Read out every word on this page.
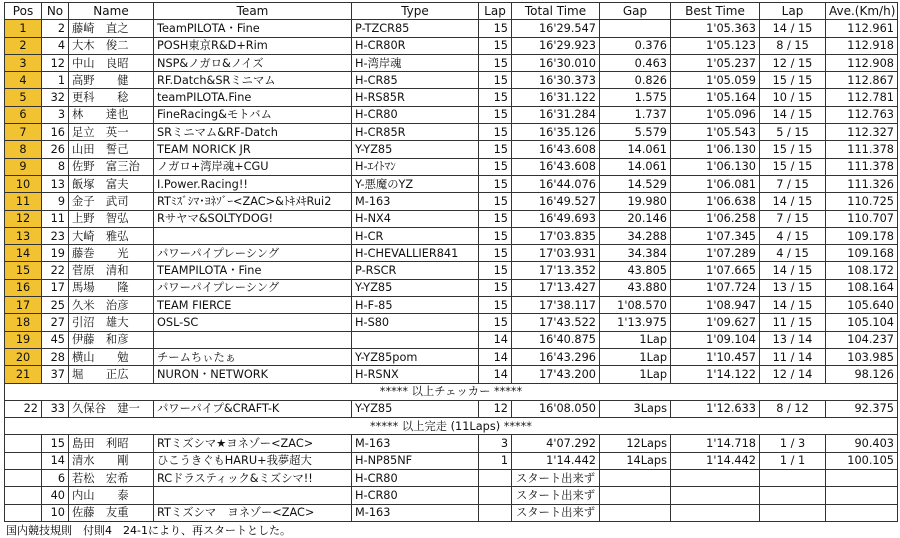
Pos	No	Name	Team	Type	Lap	Total Time	Gap	Best Time	Lap	Ave.(Km/h)
1	2	藤崎　直之	TeamPILOTA・Fine	P-TZCR85	15	16'29.547		1'05.363	14 / 15	112.961
2	4	大木　俊二	POSH東京R&D+Rim	H-CR80R	15	16'29.923	0.376	1'05.123	8 / 15	112.918
3	12	中山　良昭	NSP&ノガロ&ノイズ	H-湾岸魂	15	16'30.010	0.463	1'05.237	12 / 15	112.908
4	1	高野　　健	RF.Datch&SRミニマム	H-CR85	15	16'30.373	0.826	1'05.059	15 / 15	112.867
5	32	更科　　稔	teamPILOTA.Fine	H-RS85R	15	16'31.122	1.575	1'05.164	10 / 15	112.781
6	3	林　　達也	FineRacing&モトバム	H-CR80	15	16'31.284	1.737	1'05.096	14 / 15	112.763
7	16	足立　英一	SRミニマム&RF-Datch	H-CR85R	15	16'35.126	5.579	1'05.543	5 / 15	112.327
8	26	山田　誓己	TEAM NORICK JR	Y-YZ85	15	16'43.608	14.061	1'06.130	15 / 15	111.378
9	8	佐野　富三治	ノガロ+湾岸魂+CGU	H-ｴｲﾄﾏﾝ	15	16'43.608	14.061	1'06.130	15 / 15	111.378
10	13	飯塚　富夫	I.Power.Racing!!	Y-悪魔のYZ	15	16'44.076	14.529	1'06.081	7 / 15	111.326
11	9	金子　武司	RTﾐｽﾞｼﾏ･ﾖﾈｿﾞｰ<ZAC>&ﾄｷﾒｷRui2	M-163	15	16'49.527	19.980	1'06.638	14 / 15	110.725
12	11	上野　智弘	Rサヤマ&SOLTYDOG!	H-NX4	15	16'49.693	20.146	1'06.258	7 / 15	110.707
13	23	大崎　雅弘		H-CR	15	17'03.835	34.288	1'07.345	4 / 15	109.178
14	19	藤巻　　光	パワーパイプレーシング	H-CHEVALLIER841	15	17'03.931	34.384	1'07.289	4 / 15	109.168
15	22	菅原　清和	TEAMPILOTA・Fine	P-RSCR	15	17'13.352	43.805	1'07.665	14 / 15	108.172
16	17	馬場　　隆	パワーパイプレーシング	Y-YZ85	15	17'13.427	43.880	1'07.724	13 / 15	108.164
17	25	久米　治彦	TEAM FIERCE	H-F-85	15	17'38.117	1'08.570	1'08.947	14 / 15	105.640
18	27	引沼　雄大	OSL-SC	H-S80	15	17'43.522	1'13.975	1'09.627	11 / 15	105.104
19	45	伊藤　和彦			14	16'40.875	1Lap	1'09.104	13 / 14	104.237
20	28	横山　　勉	チームちぃたぁ	Y-YZ85pom	14	16'43.296	1Lap	1'10.457	11 / 14	103.985
21	37	堀　　正広	NURON・NETWORK	H-RSNX	14	17'43.200	1Lap	1'14.122	12 / 14	98.126
***** 以上チェッカー *****										
22	33	久保谷　建一	パワーパイプ&CRAFT-K	Y-YZ85	12	16'08.050	3Laps	1'12.633	8 / 12	92.375
***** 以上完走 (11Laps) *****										
	15	島田　利昭	RTミズシマ★ヨネゾー<ZAC>	M-163	3	4'07.292	12Laps	1'14.718	1 / 3	90.403
	14	清水　　剛	ひこうきぐもHARU+我夢超大	H-NP85NF	1	1'14.442	14Laps	1'14.442	1 / 1	100.105
	6	若松　宏希	RCドラスティック&ミズシマ!!	H-CR80		スタート出来ず				
	40	内山　　泰		H-CR80		スタート出来ず				
	10	佐藤　友重	RTミズシマ　ヨネゾー<ZAC>	M-163		スタート出来ず				
国内競技規則　付則4　24-1により、再スタートとした。
